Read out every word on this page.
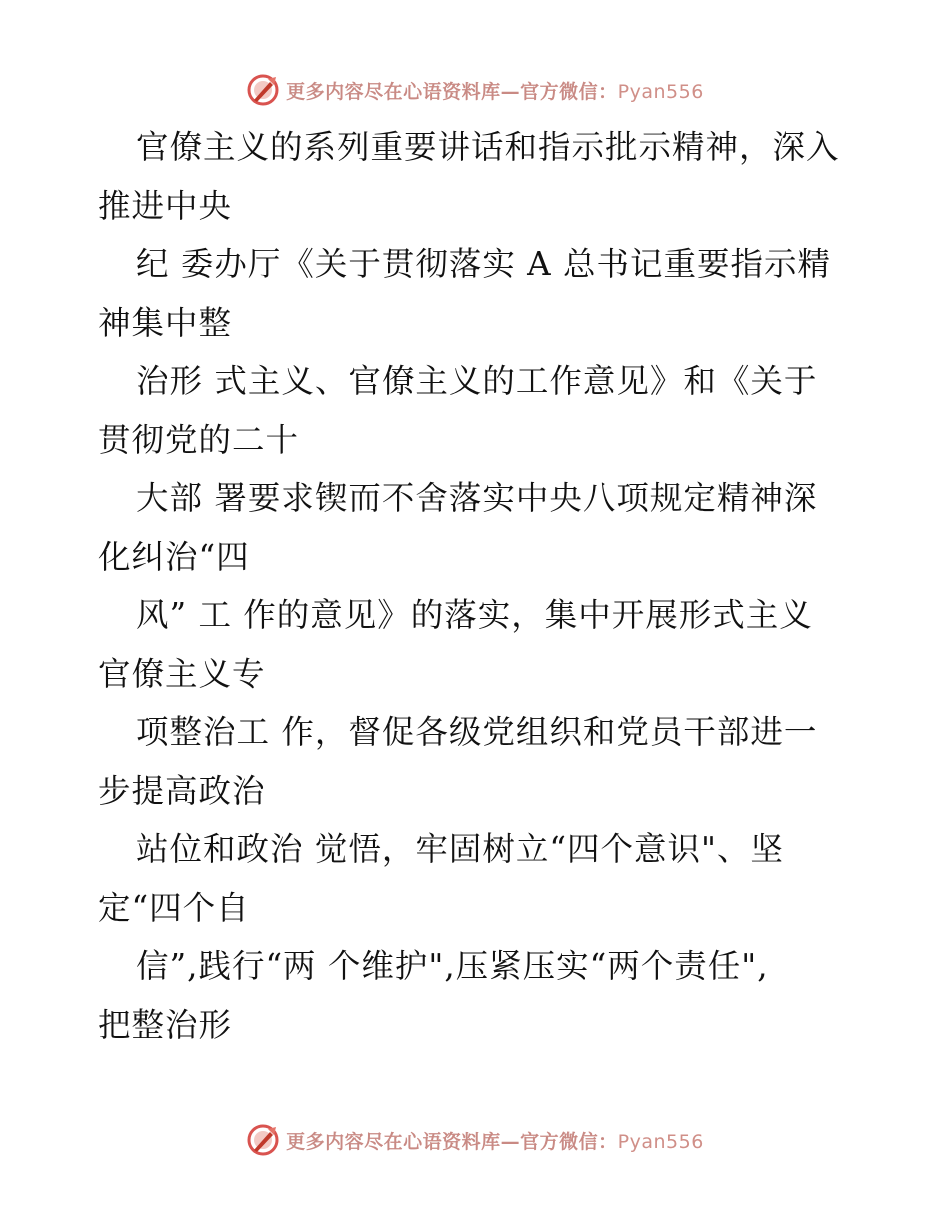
更多内容尽在心语资料库—官方微信：Pyan556
官僚主义的系列重要讲话和指示批示精神，深入
推进中央
纪 委办厅《关于贯彻落实 A 总书记重要指示精
神集中整
治形 式主义、官僚主义的工作意见》和《关于
贯彻党的二十
大部 署要求锲而不舍落实中央八项规定精神深
化纠治“四
风” 工 作的意见》的落实，集中开展形式主义
官僚主义专
项整治工 作，督促各级党组织和党员干部进一
步提高政治
站位和政治 觉悟，牢固树立“四个意识"、坚
定“四个自
信”,践行“两 个维护",压紧压实“两个责任",
把整治形
更多内容尽在心语资料库—官方微信：Pyan556
